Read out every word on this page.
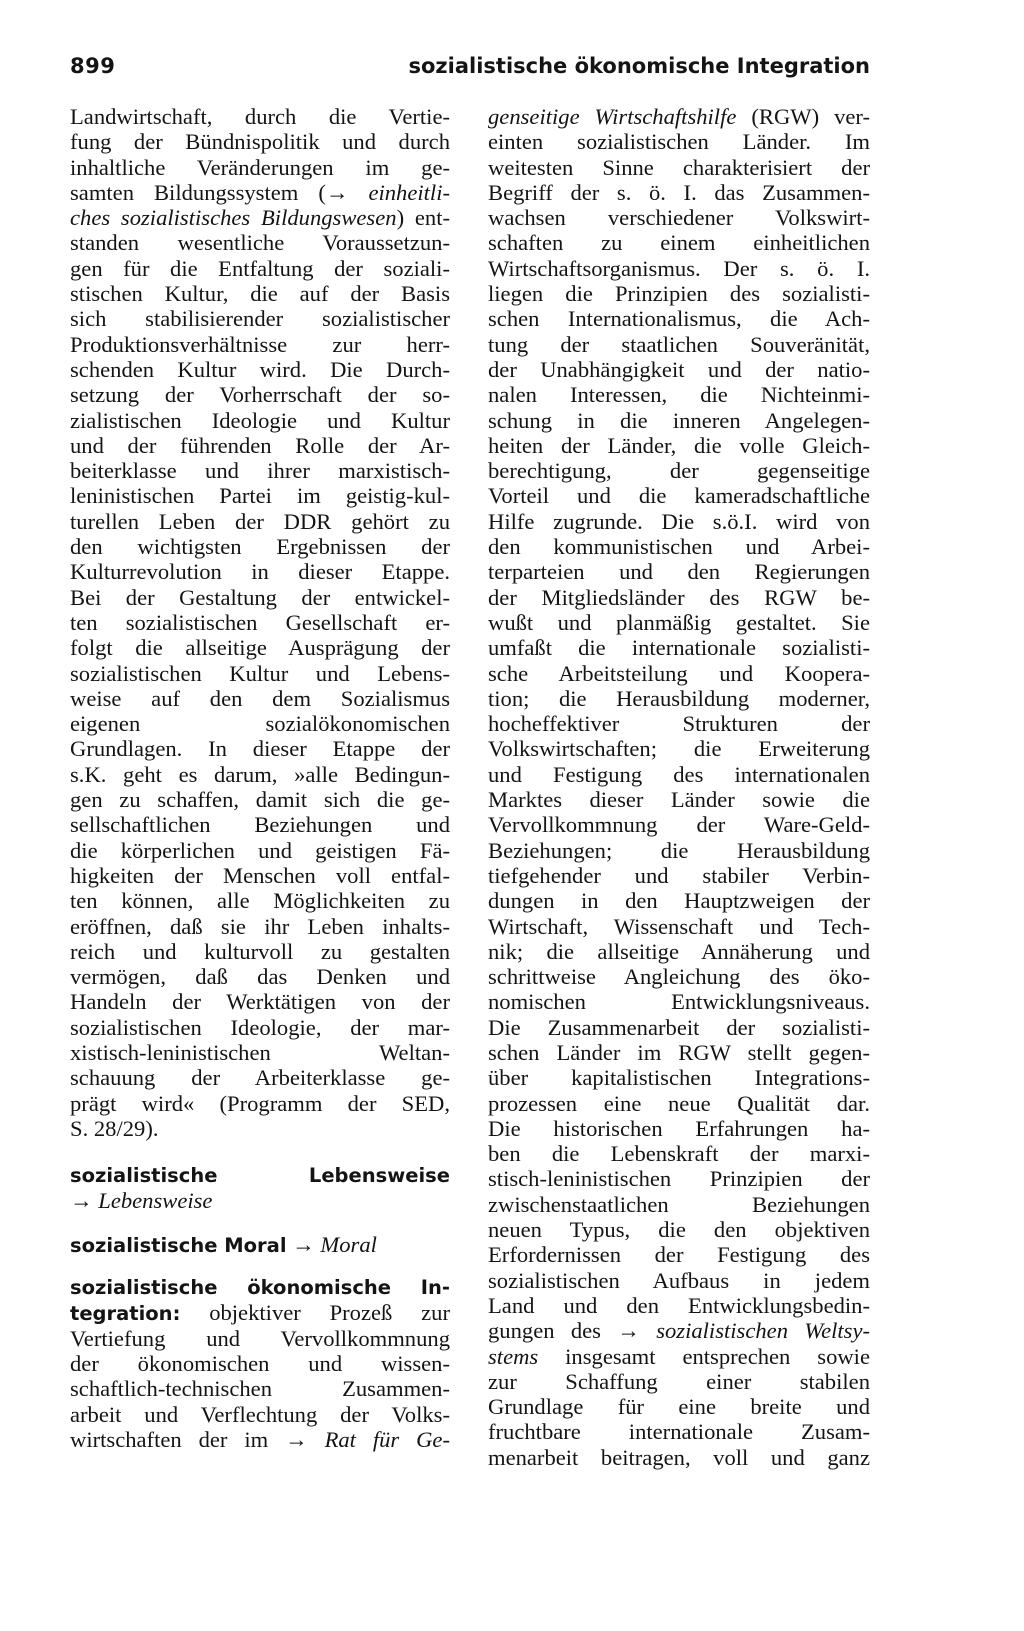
899	sozialistische ökonomische Integration
Landwirtschaft, durch die Vertie-
fung der Bündnispolitik und durch
inhaltliche Veränderungen im ge-
samten Bildungssystem (→ einheitli-
ches sozialistisches Bildungswesen) ent-
standen wesentliche Voraussetzun-
gen für die Entfaltung der soziali-
stischen Kultur, die auf der Basis
sich stabilisierender sozialistischer
Produktionsverhältnisse zur herr-
schenden Kultur wird. Die Durch-
setzung der Vorherrschaft der so-
zialistischen Ideologie und Kultur
und der führenden Rolle der Ar-
beiterklasse und ihrer marxistisch-
leninistischen Partei im geistig-kul-
turellen Leben der DDR gehört zu
den wichtigsten Ergebnissen der
Kulturrevolution in dieser Etappe.
Bei der Gestaltung der entwickel-
ten sozialistischen Gesellschaft er-
folgt die allseitige Ausprägung der
sozialistischen Kultur und Lebens-
weise auf den dem Sozialismus
eigenen sozialökonomischen
Grundlagen. In dieser Etappe der
s.K. geht es darum, »alle Bedingun-
gen zu schaffen, damit sich die ge-
sellschaftlichen Beziehungen und
die körperlichen und geistigen Fä-
higkeiten der Menschen voll entfal-
ten können, alle Möglichkeiten zu
eröffnen, daß sie ihr Leben inhalts-
reich und kulturvoll zu gestalten
vermögen, daß das Denken und
Handeln der Werktätigen von der
sozialistischen Ideologie, der mar-
xistisch-leninistischen Weltan-
schauung der Arbeiterklasse ge-
prägt wird« (Programm der SED,
S. 28/29).
sozialistische	Lebensweise
→ Lebensweise
sozialistische Moral → Moral
sozialistische ökonomische In-
tegration: objektiver Prozeß zur
Vertiefung und Vervollkommnung
der ökonomischen und wissen-
schaftlich-technischen Zusammen-
arbeit und Verflechtung der Volks-
wirtschaften der im → Rat für Ge-
genseitige Wirtschaftshilfe (RGW) ver-
einten sozialistischen Länder. Im
weitesten Sinne charakterisiert der
Begriff der s. ö. I. das Zusammen-
wachsen verschiedener Volkswirt-
schaften zu einem einheitlichen
Wirtschaftsorganismus. Der s. ö. I.
liegen die Prinzipien des sozialisti-
schen Internationalismus, die Ach-
tung der staatlichen Souveränität,
der Unabhängigkeit und der natio-
nalen Interessen, die Nichteinmi-
schung in die inneren Angelegen-
heiten der Länder, die volle Gleich-
berechtigung, der gegenseitige
Vorteil und die kameradschaftliche
Hilfe zugrunde. Die s.ö.I. wird von
den kommunistischen und Arbei-
terparteien und den Regierungen
der Mitgliedsländer des RGW be-
wußt und planmäßig gestaltet. Sie
umfaßt die internationale sozialisti-
sche Arbeitsteilung und Koopera-
tion; die Herausbildung moderner,
hocheffektiver Strukturen der
Volkswirtschaften; die Erweiterung
und Festigung des internationalen
Marktes dieser Länder sowie die
Vervollkommnung der Ware-Geld-
Beziehungen; die Herausbildung
tiefgehender und stabiler Verbin-
dungen in den Hauptzweigen der
Wirtschaft, Wissenschaft und Tech-
nik; die allseitige Annäherung und
schrittweise Angleichung des öko-
nomischen Entwicklungsniveaus.
Die Zusammenarbeit der sozialisti-
schen Länder im RGW stellt gegen-
über kapitalistischen Integrations-
prozessen eine neue Qualität dar.
Die historischen Erfahrungen ha-
ben die Lebenskraft der marxi-
stisch-leninistischen Prinzipien der
zwischenstaatlichen Beziehungen
neuen Typus, die den objektiven
Erfordernissen der Festigung des
sozialistischen Aufbaus in jedem
Land und den Entwicklungsbedin-
gungen des → sozialistischen Weltsy-
stems insgesamt entsprechen sowie
zur Schaffung einer stabilen
Grundlage für eine breite und
fruchtbare internationale Zusam-
menarbeit beitragen, voll und ganz
